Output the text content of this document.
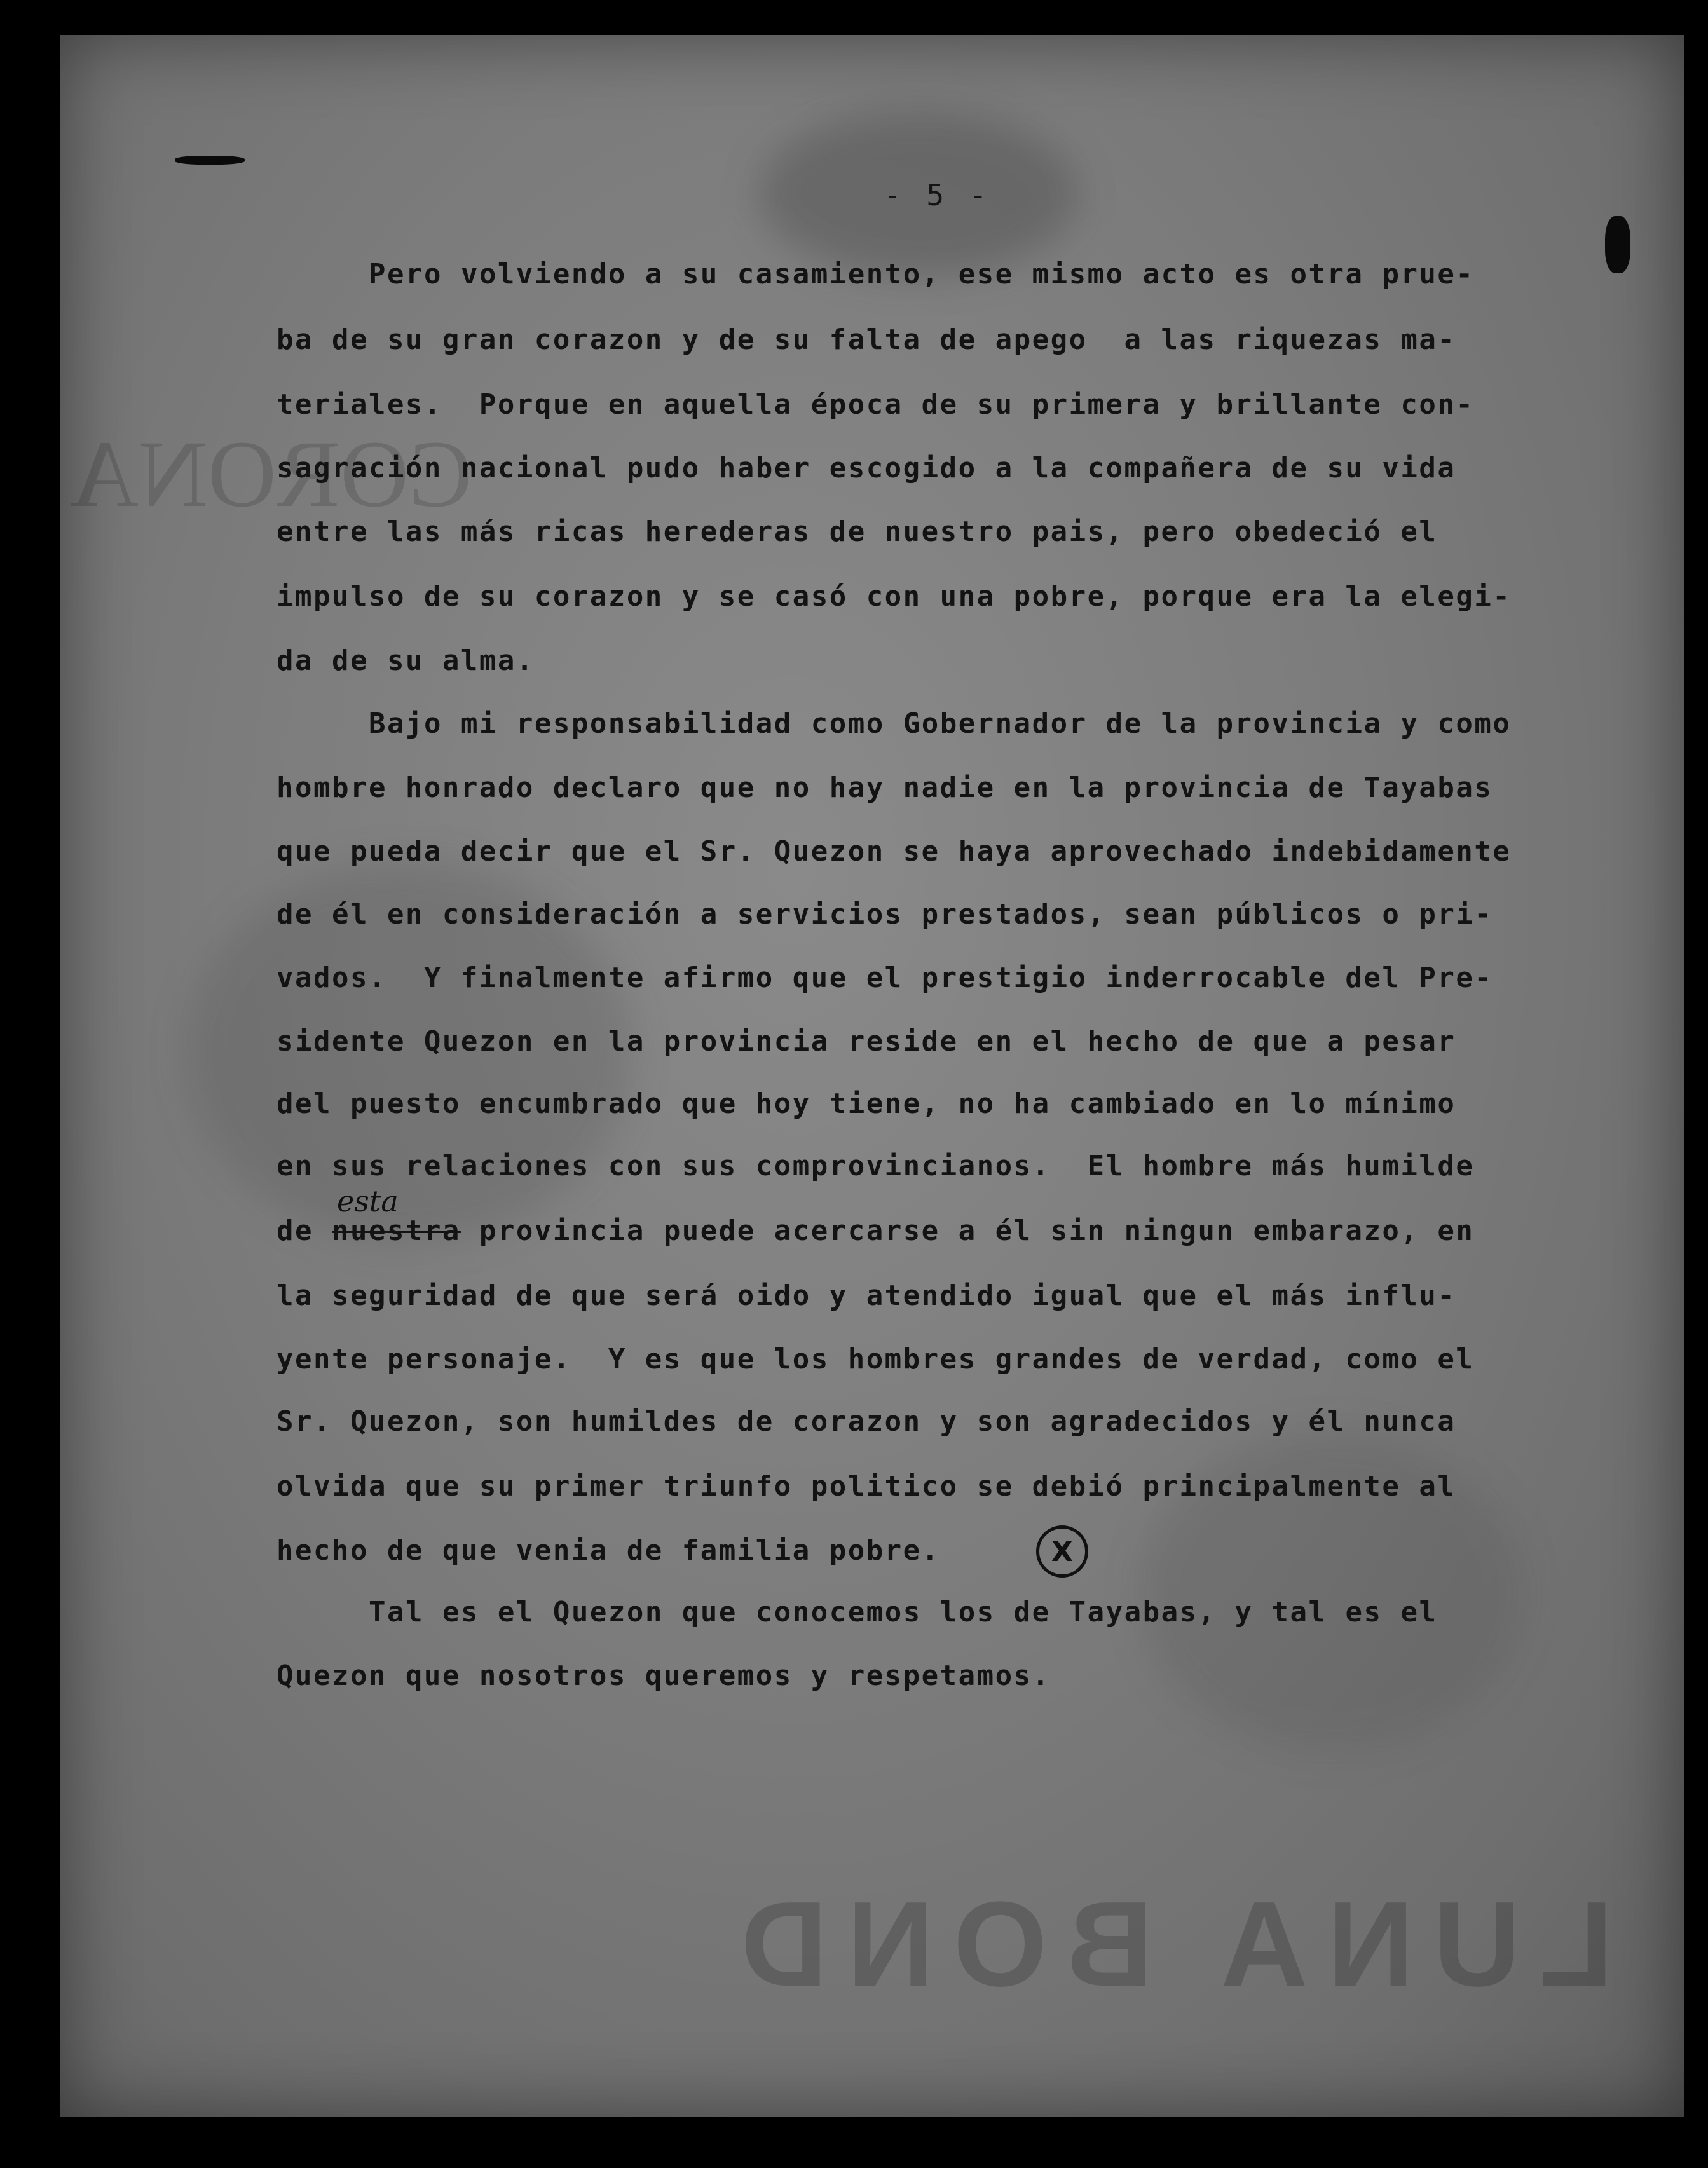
CORONA
LUNA BOND
- 5 -
Pero volviendo a su casamiento, ese mismo acto es otra prue-
ba de su gran corazon y de su falta de apego  a las riquezas ma-
teriales.  Porque en aquella época de su primera y brillante con-
sagración nacional pudo haber escogido a la compañera de su vida
entre las más ricas herederas de nuestro pais, pero obedeció el
impulso de su corazon y se casó con una pobre, porque era la elegi-
da de su alma.
Bajo mi responsabilidad como Gobernador de la provincia y como
hombre honrado declaro que no hay nadie en la provincia de Tayabas
que pueda decir que el Sr. Quezon se haya aprovechado indebidamente
de él en consideración a servicios prestados, sean públicos o pri-
vados.  Y finalmente afirmo que el prestigio inderrocable del Pre-
sidente Quezon en la provincia reside en el hecho de que a pesar
del puesto encumbrado que hoy tiene, no ha cambiado en lo mínimo
en sus relaciones con sus comprovincianos.  El hombre más humilde
de nuestra provincia puede acercarse a él sin ningun embarazo, en
esta
la seguridad de que será oido y atendido igual que el más influ-
yente personaje.  Y es que los hombres grandes de verdad, como el
Sr. Quezon, son humildes de corazon y son agradecidos y él nunca
olvida que su primer triunfo politico se debió principalmente al
hecho de que venia de familia pobre.	X
Tal es el Quezon que conocemos los de Tayabas, y tal es el
Quezon que nosotros queremos y respetamos.
